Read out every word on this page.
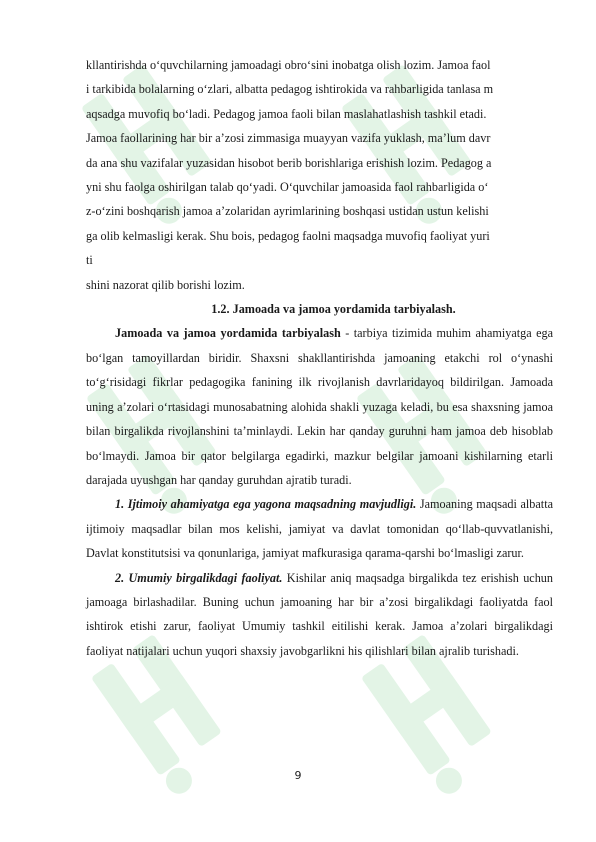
kllantirishda o‘quvchilarning jamoadagi obro‘sini inobatga olish lozim. Jamoa faol

i tarkibida bolalarning o‘zlari, albatta pedagog ishtirokida va rahbarligida tanlasa m

aqsadga muvofiq bo‘ladi. Pedagog jamoa faoli bilan maslahatlashish tashkil etadi.

Jamoa faollarining har bir a’zosi zimmasiga muayyan vazifa yuklash, ma’lum davr

da ana shu vazifalar yuzasidan hisobot berib borishlariga erishish lozim. Pedagog a

yni shu faolga oshirilgan talab qo‘yadi. O‘quvchilar jamoasida faol rahbarligida o‘

z-o‘zini boshqarish jamoa a’zolaridan ayrimlarining boshqasi ustidan ustun kelishi

ga olib kelmasligi kerak. Shu bois, pedagog faolni maqsadga muvofiq faoliyat yuri

ti

shini nazorat qilib borishi lozim.

1.2. Jamoada va jamoa yordamida tarbiyalash.

Jamoada va jamoa yordamida tarbiyalash - tarbiya tizimida muhim ahamiyatga ega bo‘lgan tamoyillardan biridir. Shaxsni shakllantirishda jamoaning etakchi rol o‘ynashi to‘g‘risidagi fikrlar pedagogika fanining ilk rivojlanish davrlaridayoq bildirilgan. Jamoada uning a’zolari o‘rtasidagi munosabatning alohida shakli yuzaga keladi, bu esa shaxsning jamoa bilan birgalikda rivojlanshini ta’minlaydi. Lekin har qanday guruhni ham jamoa deb hisoblab bo‘lmaydi. Jamoa bir qator belgilarga egadirki, mazkur belgilar jamoani kishilarning etarli darajada uyushgan har qanday guruhdan ajratib turadi.

1. Ijtimoiy ahamiyatga ega yagona maqsadning mavjudligi. Jamoaning maqsadi albatta ijtimoiy maqsadlar bilan mos kelishi, jamiyat va davlat tomonidan qo‘llab-quvvatlanishi, Davlat konstitutsisi va qonunlariga, jamiyat mafkurasiga qarama-qarshi bo‘lmasligi zarur.

2. Umumiy birgalikdagi faoliyat. Kishilar aniq maqsadga birgalikda tez erishish uchun jamoaga birlashadilar. Buning uchun jamoaning har bir a’zosi birgalikdagi faoliyatda faol ishtirok etishi zarur, faoliyat Umumiy tashkil eitilishi kerak. Jamoa a’zolari birgalikdagi faoliyat natijalari uchun yuqori shaxsiy javobgarlikni his qilishlari bilan ajralib turishadi.

9
